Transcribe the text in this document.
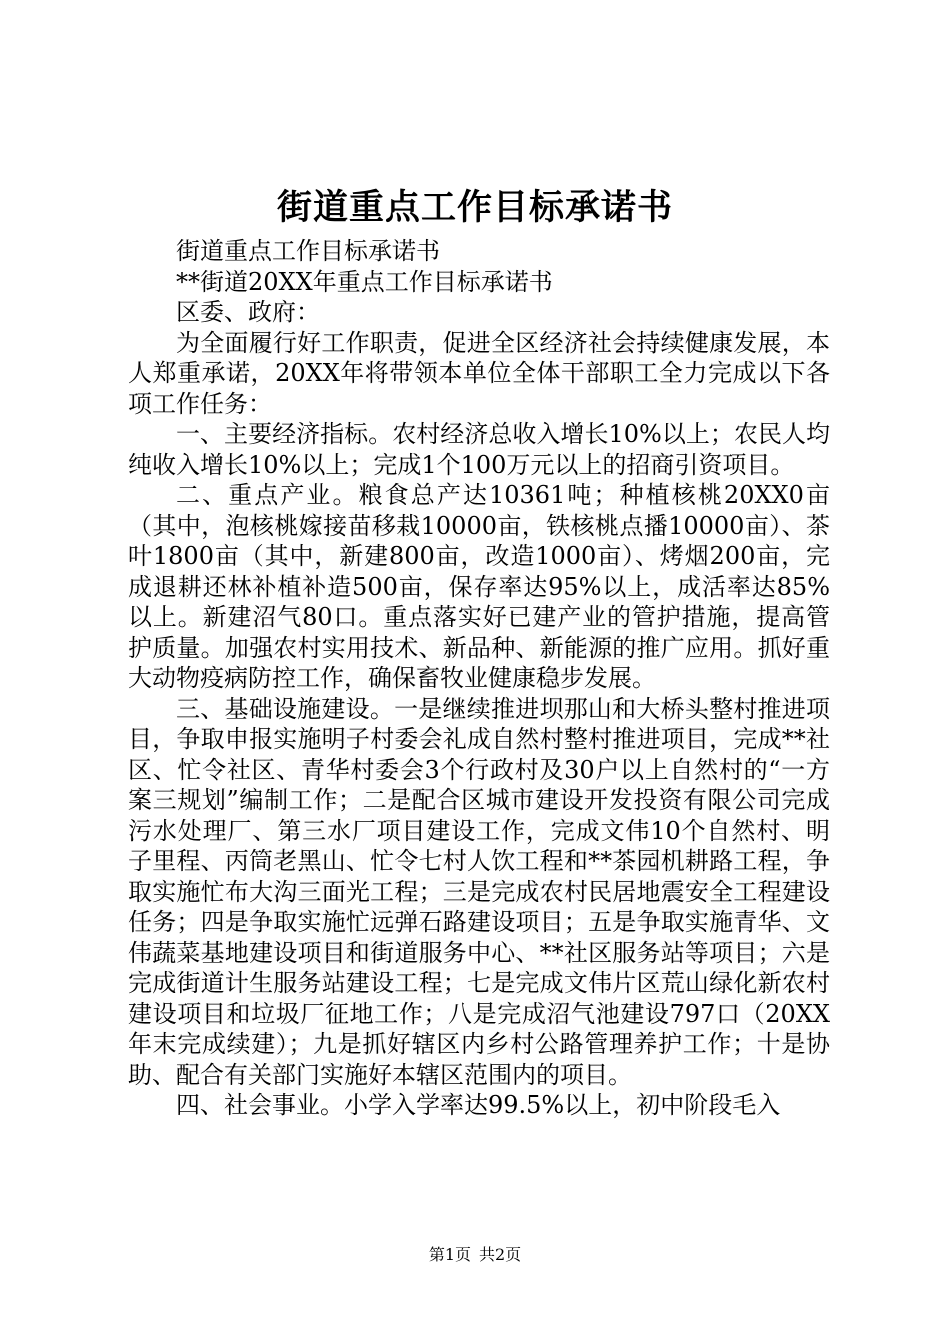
街道重点工作目标承诺书

街道重点工作目标承诺书

**街道20XX年重点工作目标承诺书

区委、政府：

为全面履行好工作职责，促进全区经济社会持续健康发展，本人郑重承诺，20XX年将带领本单位全体干部职工全力完成以下各项工作任务：

一、主要经济指标。农村经济总收入增长10%以上；农民人均纯收入增长10%以上；完成1个100万元以上的招商引资项目。

二、重点产业。粮食总产达10361吨；种植核桃20XX0亩（其中，泡核桃嫁接苗移栽10000亩，铁核桃点播10000亩）、茶叶1800亩（其中，新建800亩，改造1000亩）、烤烟200亩，完成退耕还林补植补造500亩，保存率达95%以上，成活率达85%以上。新建沼气80口。重点落实好已建产业的管护措施，提高管护质量。加强农村实用技术、新品种、新能源的推广应用。抓好重大动物疫病防控工作，确保畜牧业健康稳步发展。

三、基础设施建设。一是继续推进坝那山和大桥头整村推进项目，争取申报实施明子村委会礼成自然村整村推进项目，完成**社区、忙令社区、青华村委会3个行政村及30户以上自然村的“一方案三规划”编制工作；二是配合区城市建设开发投资有限公司完成污水处理厂、第三水厂项目建设工作，完成文伟10个自然村、明子里程、丙筒老黑山、忙令七村人饮工程和**茶园机耕路工程，争取实施忙布大沟三面光工程；三是完成农村民居地震安全工程建设任务；四是争取实施忙远弹石路建设项目；五是争取实施青华、文伟蔬菜基地建设项目和街道服务中心、**社区服务站等项目；六是完成街道计生服务站建设工程；七是完成文伟片区荒山绿化新农村建设项目和垃圾厂征地工作；八是完成沼气池建设797口（20XX年末完成续建）；九是抓好辖区内乡村公路管理养护工作；十是协助、配合有关部门实施好本辖区范围内的项目。

四、社会事业。小学入学率达99.5%以上，初中阶段毛入

第1页 共2页
